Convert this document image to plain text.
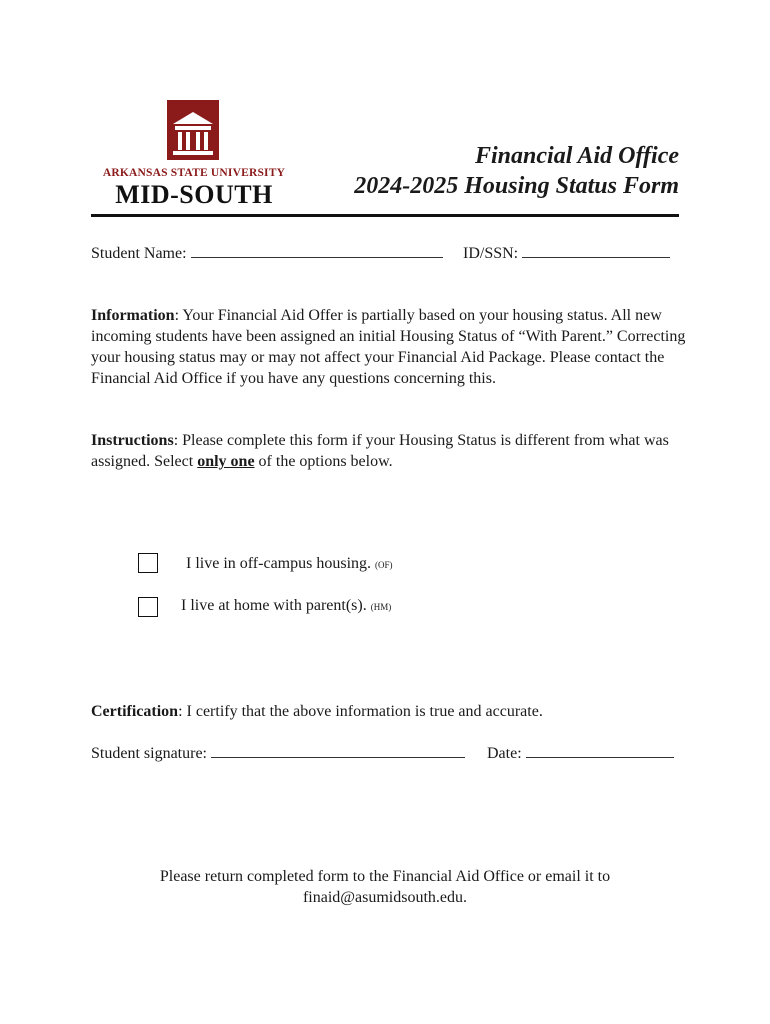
ARKANSAS STATE UNIVERSITY
MID-SOUTH
Financial Aid Office
2024-2025 Housing Status Form
Student Name:	ID/SSN:
Information: Your Financial Aid Offer is partially based on your housing status. All new incoming students have been assigned an initial Housing Status of “With Parent.” Correcting your housing status may or may not affect your Financial Aid Package. Please contact the Financial Aid Office if you have any questions concerning this.
Instructions: Please complete this form if your Housing Status is different from what was assigned. Select only one of the options below.
I live in off-campus housing. (OF)
I live at home with parent(s). (HM)
Certification: I certify that the above information is true and accurate.
Student signature:	Date:
Please return completed form to the Financial Aid Office or email it to
finaid@asumidsouth.edu.
